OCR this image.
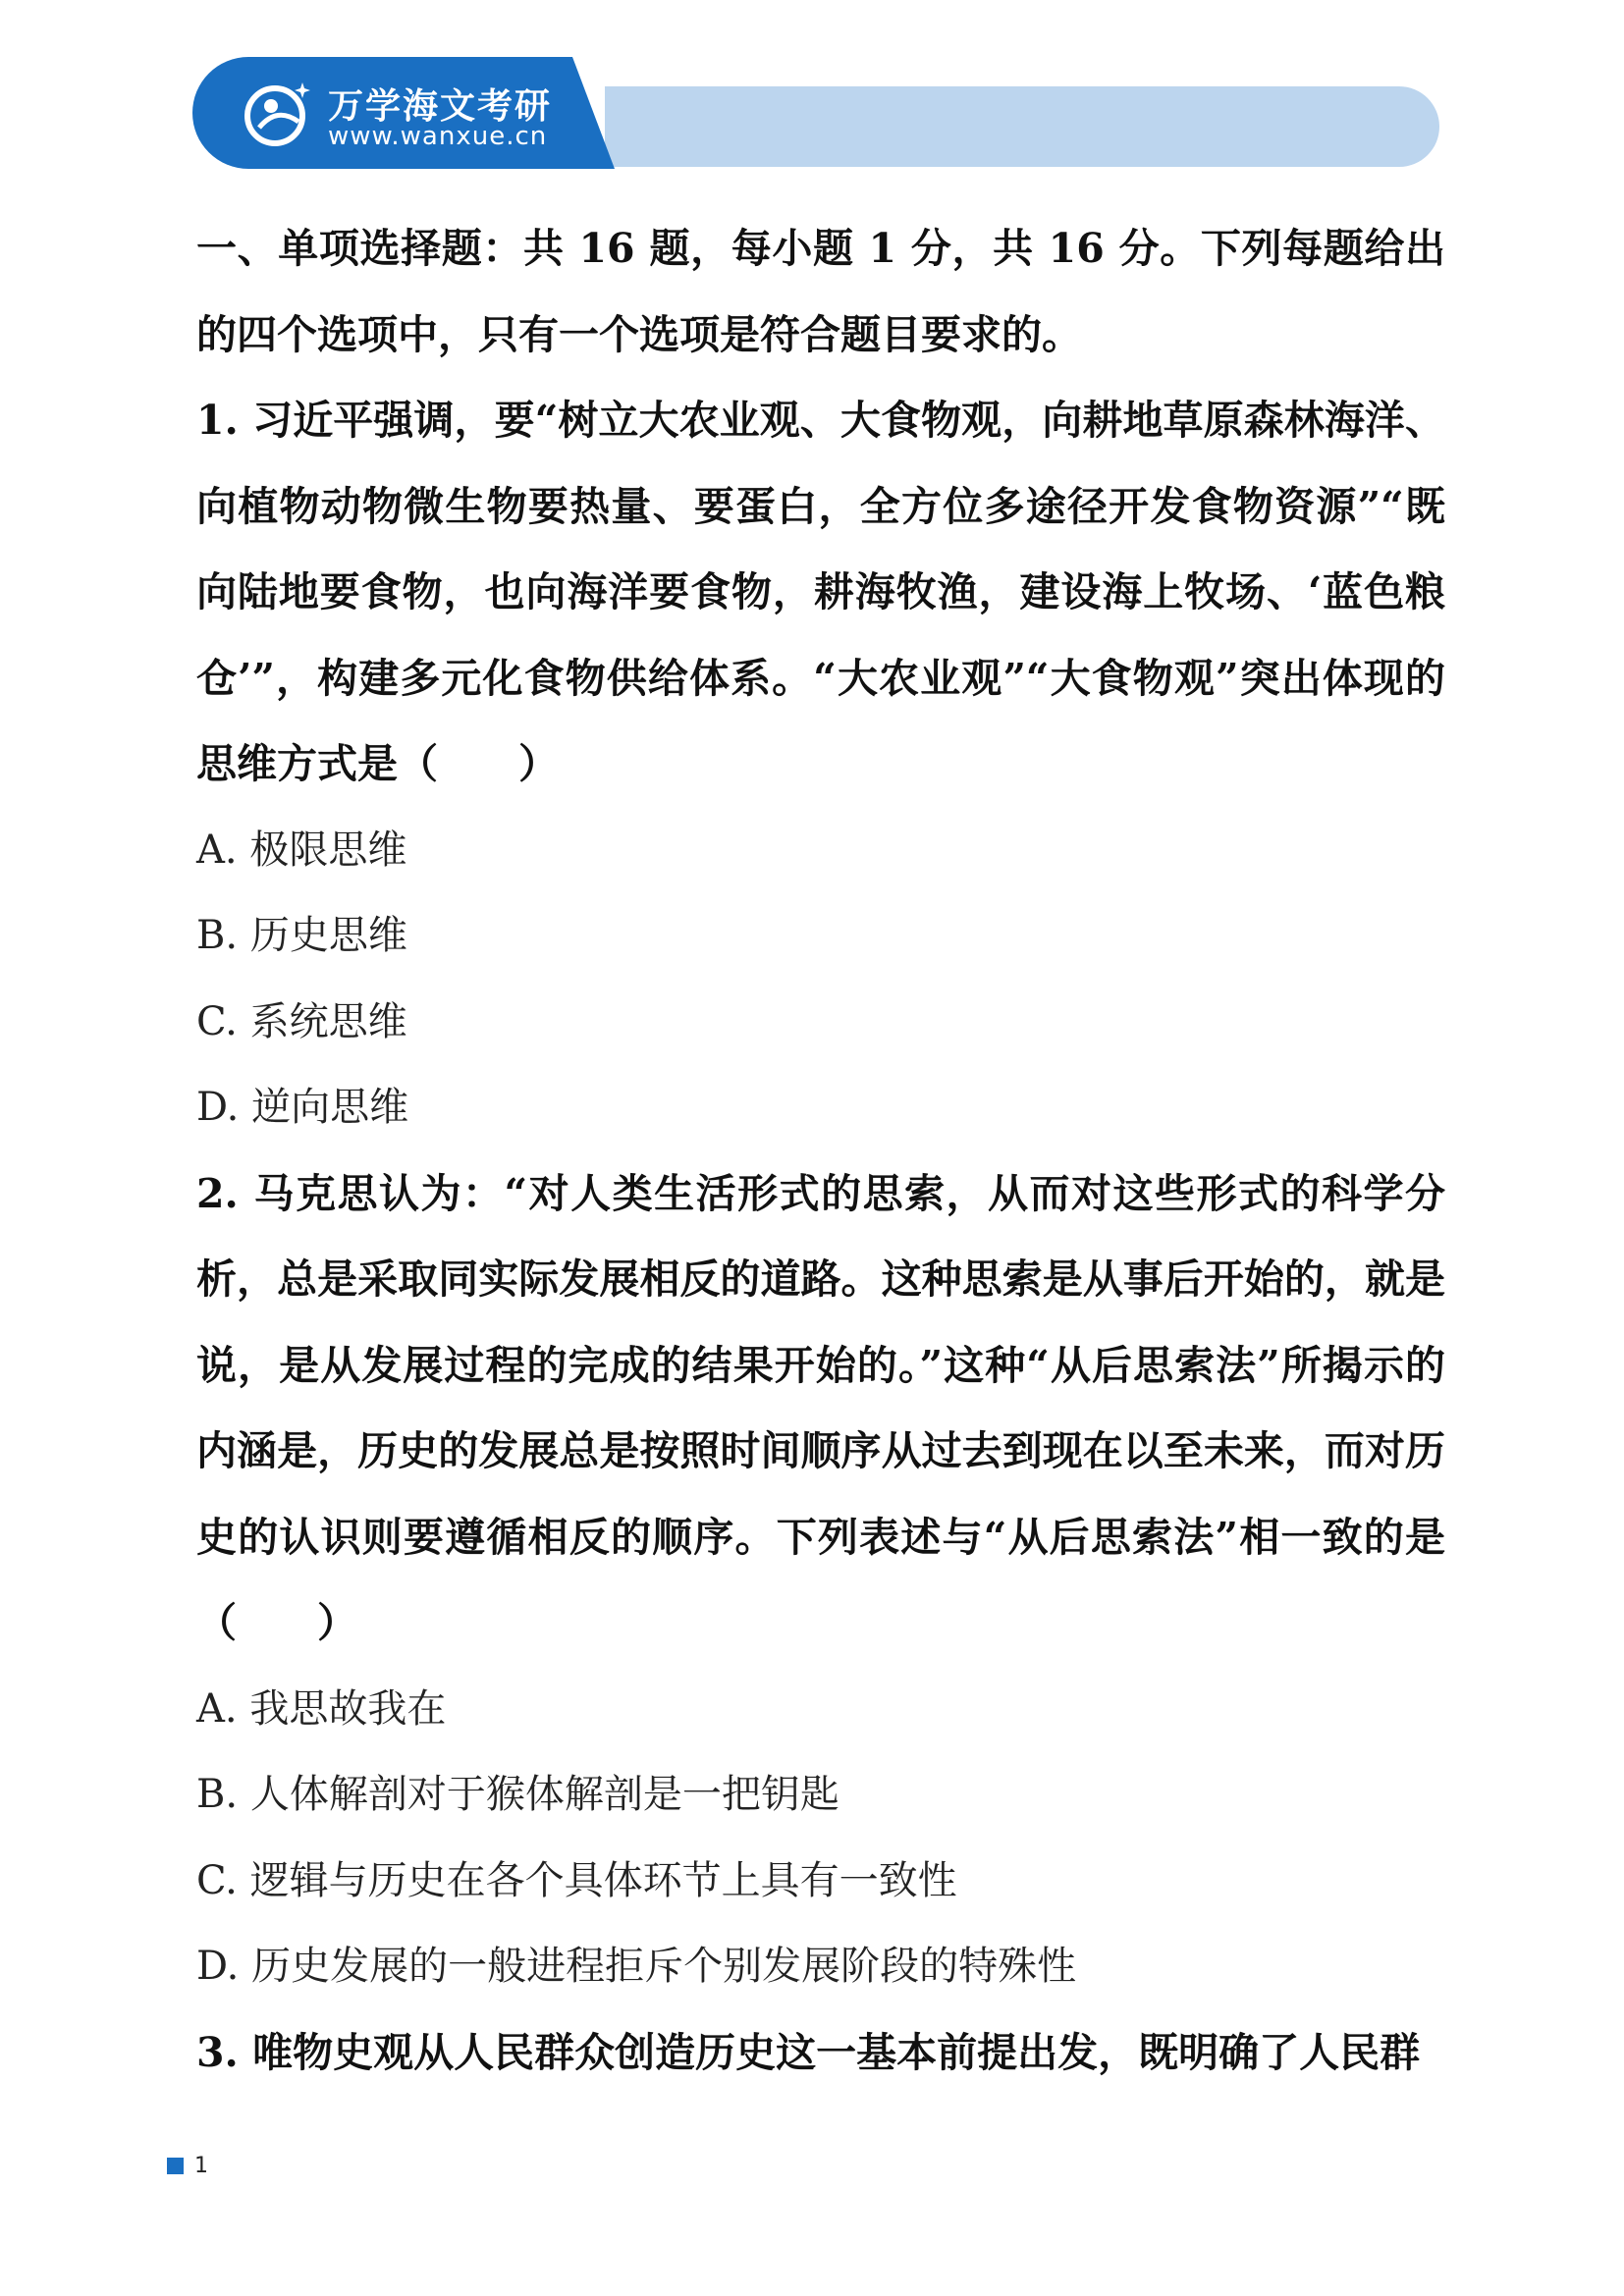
万学海文考研
www.wanxue.cn

一、单项选择题：共 16 题，每小题 1 分，共 16 分。下列每题给出的四个选项中，只有一个选项是符合题目要求的。

1. 习近平强调，要“树立大农业观、大食物观，向耕地草原森林海洋、向植物动物微生物要热量、要蛋白，全方位多途径开发食物资源”“既向陆地要食物，也向海洋要食物，耕海牧渔，建设海上牧场、‘蓝色粮仓’”，构建多元化食物供给体系。“大农业观”“大食物观”突出体现的思维方式是（　　）

A. 极限思维

B. 历史思维

C. 系统思维

D. 逆向思维

2. 马克思认为：“对人类生活形式的思索，从而对这些形式的科学分析，总是采取同实际发展相反的道路。这种思索是从事后开始的，就是说，是从发展过程的完成的结果开始的。”这种“从后思索法”所揭示的内涵是，历史的发展总是按照时间顺序从过去到现在以至未来，而对历史的认识则要遵循相反的顺序。下列表述与“从后思索法”相一致的是（　　）

A. 我思故我在

B. 人体解剖对于猴体解剖是一把钥匙

C. 逻辑与历史在各个具体环节上具有一致性

D. 历史发展的一般进程拒斥个别发展阶段的特殊性

3. 唯物史观从人民群众创造历史这一基本前提出发，既明确了人民群

1
